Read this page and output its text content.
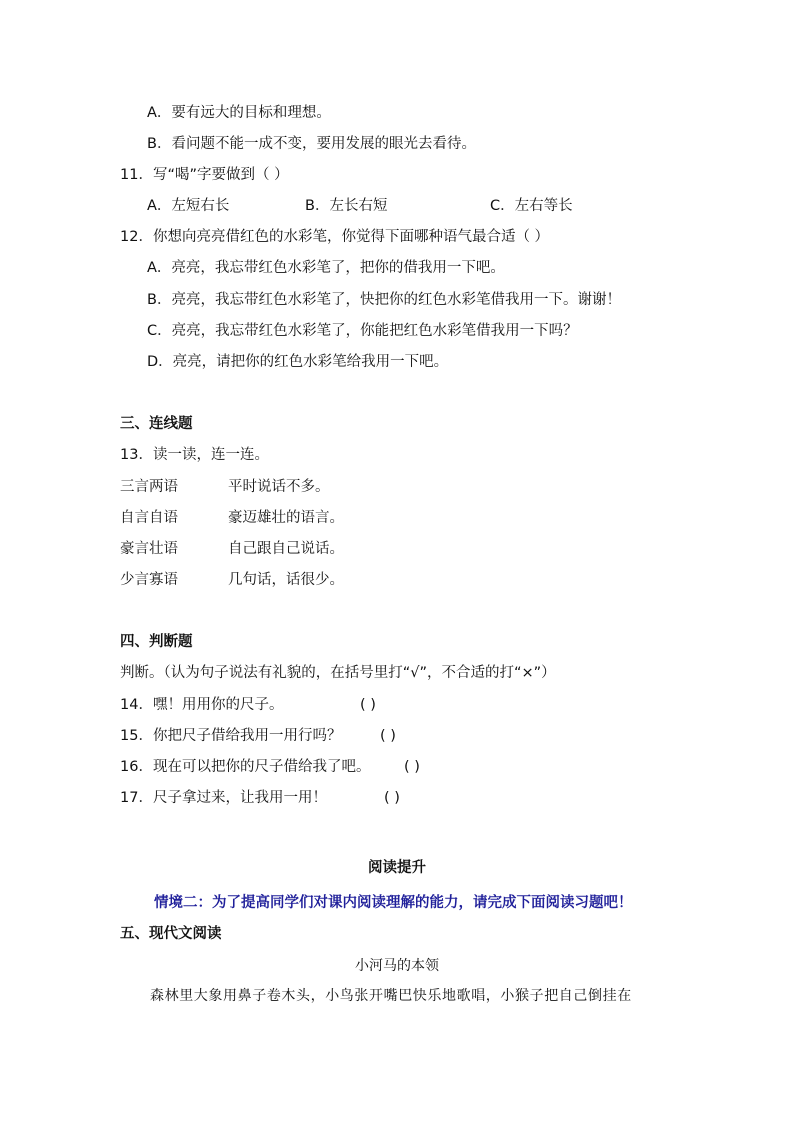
A．要有远大的目标和理想。
B．看问题不能一成不变，要用发展的眼光去看待。
11．写“喝”字要做到（ ）
A．左短右长	B．左长右短	C．左右等长
12．你想向亮亮借红色的水彩笔，你觉得下面哪种语气最合适（ ）
A．亮亮，我忘带红色水彩笔了，把你的借我用一下吧。
B．亮亮，我忘带红色水彩笔了，快把你的红色水彩笔借我用一下。谢谢！
C．亮亮，我忘带红色水彩笔了，你能把红色水彩笔借我用一下吗？
D．亮亮，请把你的红色水彩笔给我用一下吧。
三、连线题
13．读一读，连一连。
三言两语	平时说话不多。
自言自语	豪迈雄壮的语言。
豪言壮语	自己跟自己说话。
少言寡语	几句话，话很少。
四、判断题
判断。（认为句子说法有礼貌的，在括号里打“√”，不合适的打“×”）
14．嘿！用用你的尺子。	( )
15．你把尺子借给我用一用行吗？	( )
16．现在可以把你的尺子借给我了吧。 ( )
17．尺子拿过来，让我用一用！	( )
阅读提升
情境二：为了提高同学们对课内阅读理解的能力，请完成下面阅读习题吧！
五、现代文阅读
小河马的本领
森林里大象用鼻子卷木头，小鸟张开嘴巴快乐地歌唱，小猴子把自己倒挂在
